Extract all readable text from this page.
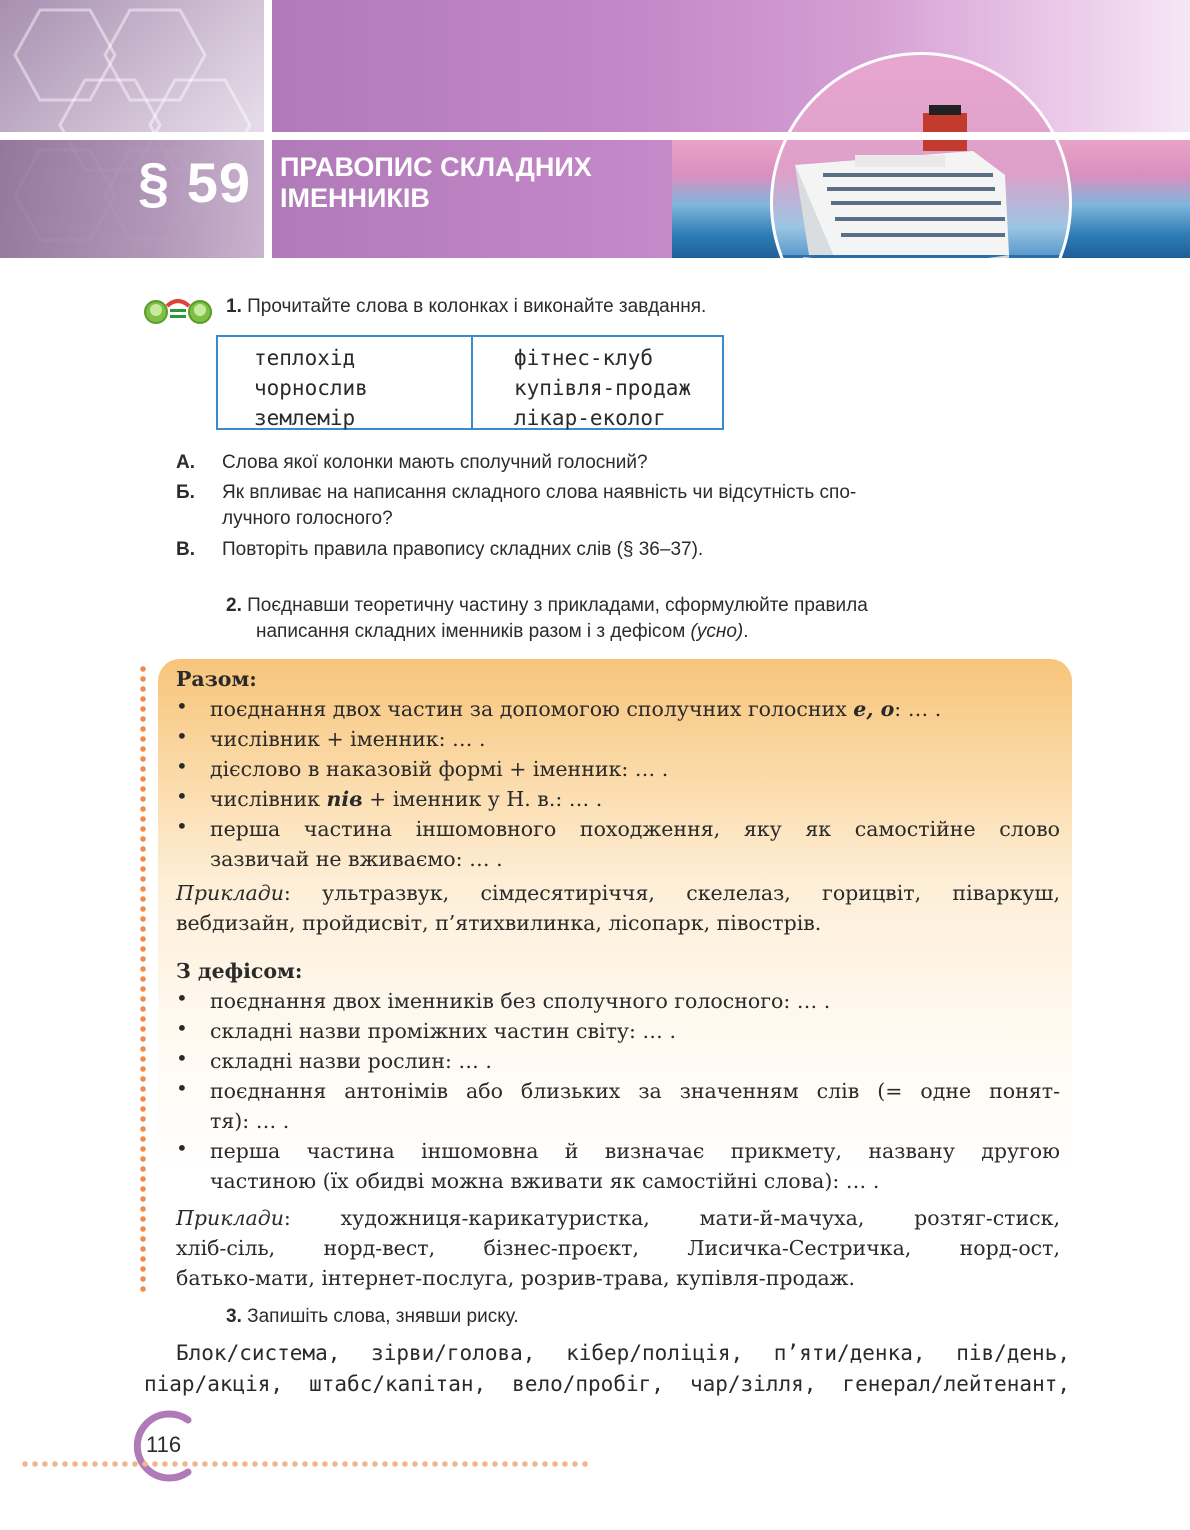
§ 59 ПРАВОПИС СКЛАДНИХ
ІМЕННИКІВ
1. Прочитайте слова в колонках і виконайте завдання.
теплохід
чорнослив
землемір
фітнес-клуб
купівля-продаж
лікар-еколог
А. Слова якої колонки мають сполучний голосний?
Б. Як впливає на написання складного слова наявність чи відсутність спо-
лучного голосного?
В. Повторіть правила правопису складних слів (§ 36–37).
2. Поєднавши теоретичну частину з прикладами, сформулюйте правила
написання складних іменників разом і з дефісом (усно).
Разом:
• поєднання двох частин за допомогою сполучних голосних е, о: … .
• числівник + іменник: … .
• дієслово в наказовій формі + іменник: … .
• числівник пів + іменник у Н. в.: … .
• перша частина іншомовного походження, яку як самостійне слово
зазвичай не вживаємо: … .
Приклади: ультразвук, сімдесятиріччя, скелелаз, горицвіт, піваркуш,
вебдизайн, пройдисвіт, п’ятихвилинка, лісопарк, півострів.
З дефісом:
• поєднання двох іменників без сполучного голосного: … .
• складні назви проміжних частин світу: … .
• складні назви рослин: … .
• поєднання антонімів або близьких за значенням слів (= одне понят-
тя): … .
• перша частина іншомовна й визначає прикмету, названу другою
частиною (їх обидві можна вживати як самостійні слова): … .
Приклади: художниця-карикатуристка, мати-й-мачуха, розтяг-стиск,
хліб-сіль, норд-вест, бізнес-проєкт, Лисичка-Сестричка, норд-ост,
батько-мати, інтернет-послуга, розрив-трава, купівля-продаж.
3. Запишіть слова, знявши риску.
Блок/система, зірви/голова, кібер/поліція, п’яти/денка, пів/день,
піар/акція, штабс/капітан, вело/пробіг, чар/зілля, генерал/лейтенант,
116
